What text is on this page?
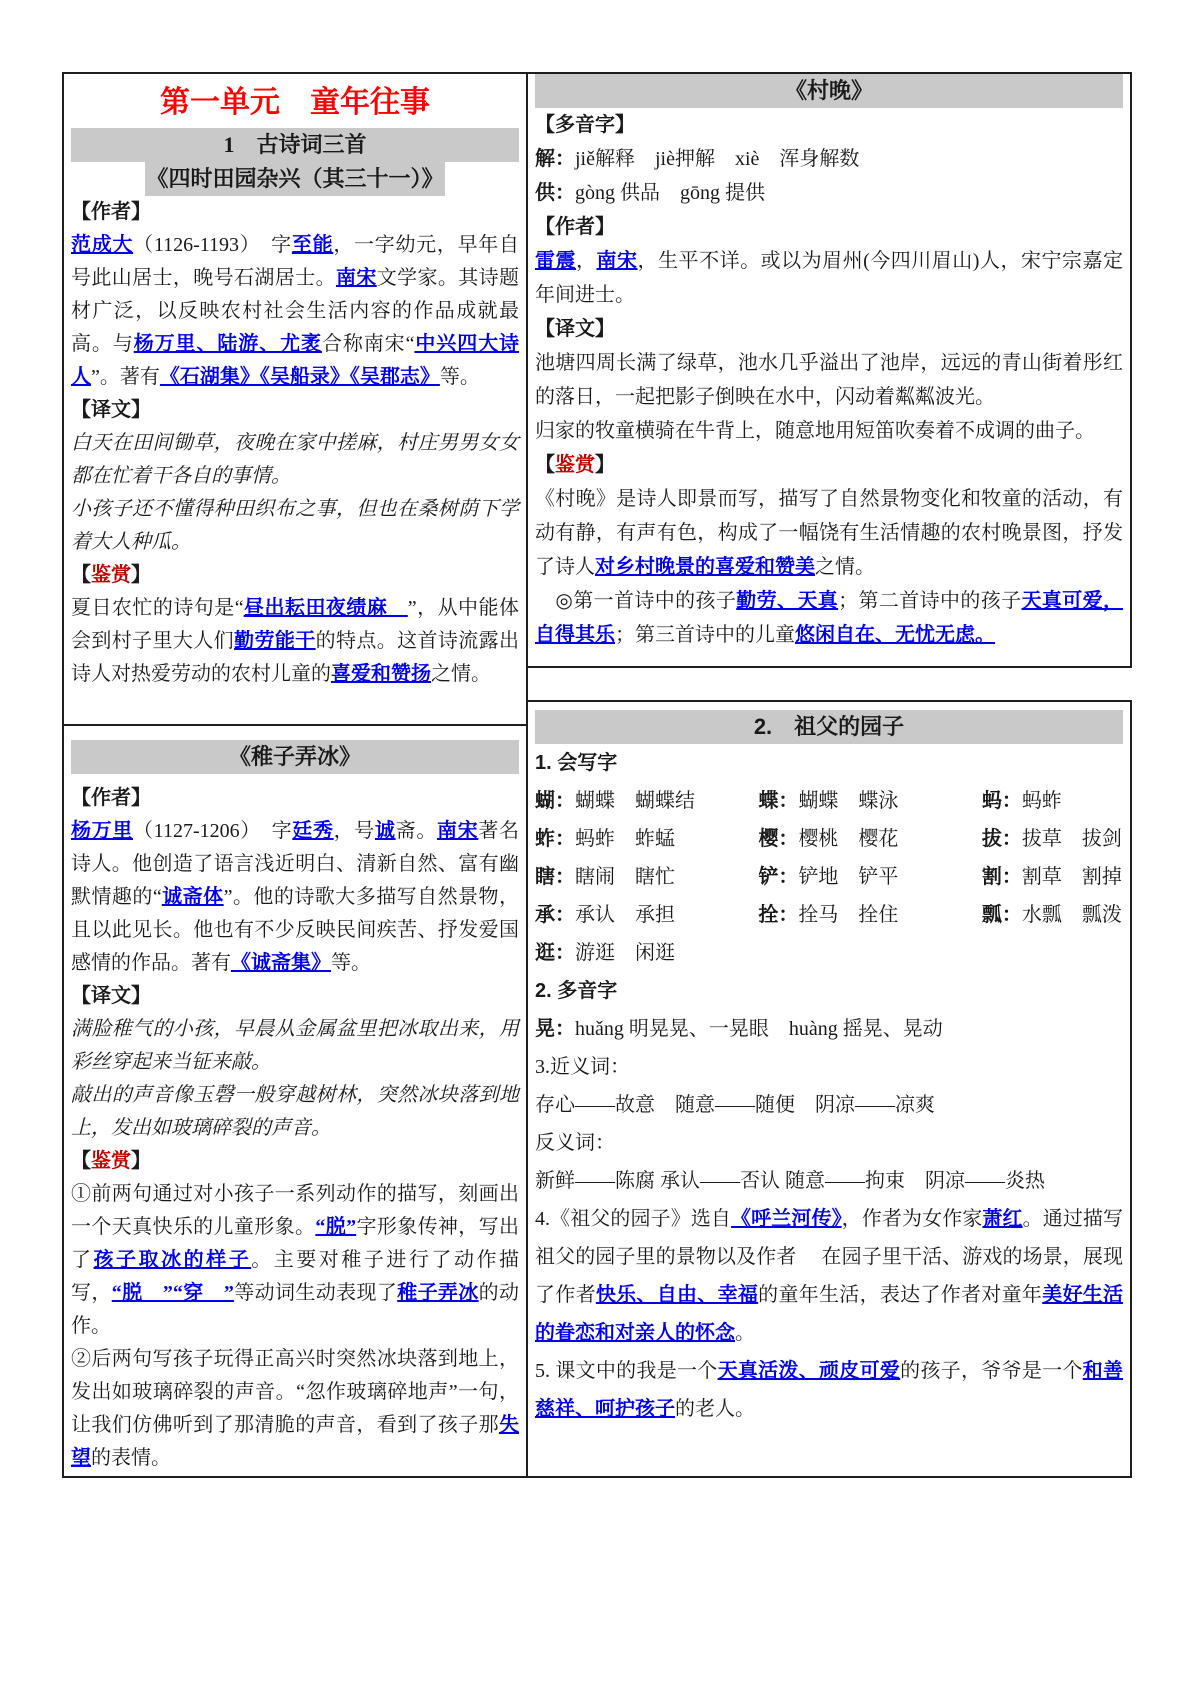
第一单元　童年往事
1　古诗词三首
《四时田园杂兴（其三十一）》

【作者】

范成大（1126-1193）　字至能，一字幼元，早年自号此山居士，晚号石湖居士。南宋文学家。其诗题材广泛，以反映农村社会生活内容的作品成就最高。与杨万里、陆游、尤袤合称南宋“中兴四大诗人”。著有《石湖集》《吴船录》《吴郡志》等。

【译文】

白天在田间锄草，夜晚在家中搓麻，村庄男男女女都在忙着干各自的事情。

小孩子还不懂得种田织布之事，但也在桑树荫下学着大人种瓜。

【鉴赏】

夏日农忙的诗句是“昼出耘田夜绩麻　”，从中能体会到村子里大人们勤劳能干的特点。这首诗流露出诗人对热爱劳动的农村儿童的喜爱和赞扬之情。

《稚子弄冰》

【作者】

杨万里（1127-1206）　字廷秀，号诚斋。南宋著名诗人。他创造了语言浅近明白、清新自然、富有幽默情趣的“诚斋体”。他的诗歌大多描写自然景物，且以此见长。他也有不少反映民间疾苦、抒发爱国感情的作品。著有《诚斋集》等。

【译文】

满脸稚气的小孩，早晨从金属盆里把冰取出来，用彩丝穿起来当钲来敲。

敲出的声音像玉磬一般穿越树林，突然冰块落到地上，发出如玻璃碎裂的声音。

【鉴赏】

①前两句通过对小孩子一系列动作的描写，刻画出一个天真快乐的儿童形象。“脱”字形象传神，写出了孩子取冰的样子。主要对稚子进行了动作描写，“脱　”“穿　”等动词生动表现了稚子弄冰的动作。

②后两句写孩子玩得正高兴时突然冰块落到地上，发出如玻璃碎裂的声音。“忽作玻璃碎地声”一句，让我们仿佛听到了那清脆的声音，看到了孩子那失望的表情。

《村晚》

【多音字】

解：jiě解释　jiè押解　xiè　浑身解数

供：gòng 供品　gōng 提供

【作者】

雷震，南宋，生平不详。或以为眉州(今四川眉山)人，宋宁宗嘉定年间进士。

【译文】

池塘四周长满了绿草，池水几乎溢出了池岸，远远的青山街着彤红的落日，一起把影子倒映在水中，闪动着粼粼波光。

归家的牧童横骑在牛背上，随意地用短笛吹奏着不成调的曲子。

【鉴赏】

《村晚》是诗人即景而写，描写了自然景物变化和牧童的活动，有动有静，有声有色，构成了一幅饶有生活情趣的农村晚景图，抒发了诗人对乡村晚景的喜爱和赞美之情。

　◎第一首诗中的孩子勤劳、天真；第二首诗中的孩子天真可爱，自得其乐；第三首诗中的儿童悠闲自在、无忧无虑。

2.　祖父的园子

1. 会写字

蝴：蝴蝶　蝴蝶结	蝶：蝴蝶　蝶泳	蚂：蚂蚱
蚱：蚂蚱　蚱蜢	樱：樱桃　樱花	拔：拔草　拔剑
瞎：瞎闹　瞎忙	铲：铲地　铲平	割：割草　割掉
承：承认　承担	拴：拴马　拴住	瓢：水瓢　瓢泼
逛：游逛　闲逛

2. 多音字

晃：huǎng 明晃晃、一晃眼　huàng 摇晃、晃动

3.近义词：

存心——故意　随意——随便　阴凉——凉爽

反义词：

新鲜——陈腐 承认——否认 随意——拘束　阴凉——炎热

4.《祖父的园子》选自《呼兰河传》，作者为女作家萧红。通过描写祖父的园子里的景物以及作者　 在园子里干活、游戏的场景，展现了作者快乐、自由、幸福的童年生活，表达了作者对童年美好生活的眷恋和对亲人的怀念。

5. 课文中的我是一个天真活泼、顽皮可爱的孩子，爷爷是一个和善慈祥、呵护孩子的老人。
